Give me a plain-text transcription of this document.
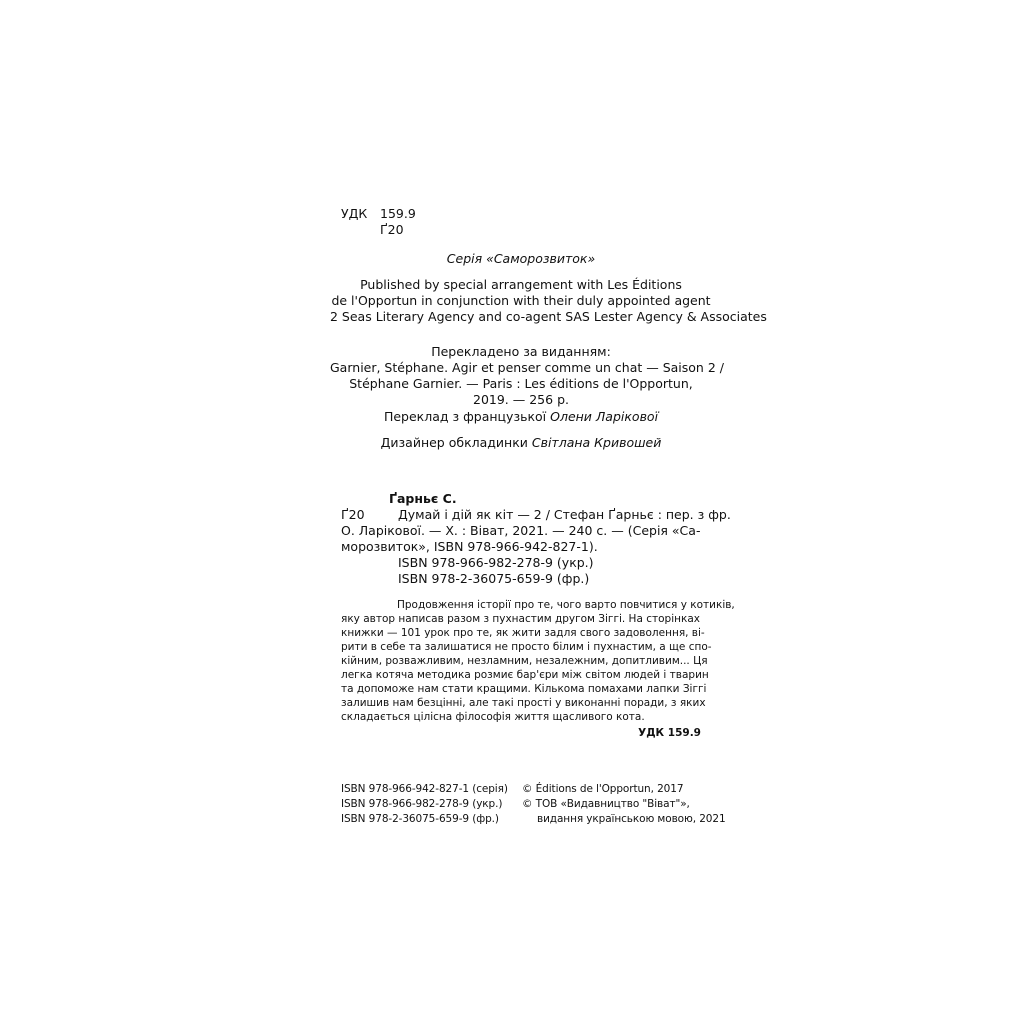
УДК 159.9
Ґ20
Серія «Саморозвиток»
Published by special arrangement with Les Éditions
de l'Opportun in conjunction with their duly appointed agent
2 Seas Literary Agency and co-agent SAS Lester Agency & Associates
Перекладено за виданням:
Garnier, Stéphane. Agir et penser comme un chat — Saison 2 /
Stéphane Garnier. — Paris : Les éditions de l'Opportun,
2019. — 256 p.
Переклад з французької Олени Ларікової
Дизайнер обкладинки Світлана Кривошей
Ґарньє С.
Ґ20	Думай і дій як кіт — 2 / Стефан Ґарньє : пер. з фр.
О. Ларікової. — Х. : Віват, 2021. — 240 с. — (Серія «Са-
морозвиток», ISBN 978-966-942-827-1).
ISBN 978-966-982-278-9 (укр.)
ISBN 978-2-36075-659-9 (фр.)
Продовження історії про те, чого варто повчитися у котиків,
яку автор написав разом з пухнастим другом Зіггі. На сторінках
книжки — 101 урок про те, як жити задля свого задоволення, ві-
рити в себе та залишатися не просто білим і пухнастим, а ще спо-
кійним, розважливим, незламним, незалежним, допитливим... Ця
легка котяча методика розмиє бар'єри між світом людей і тварин
та допоможе нам стати кращими. Кількома помахами лапки Зіггі
залишив нам безцінні, але такі прості у виконанні поради, з яких
складається цілісна філософія життя щасливого кота.
УДК 159.9
ISBN 978-966-942-827-1 (серія)
ISBN 978-966-982-278-9 (укр.)
ISBN 978-2-36075-659-9 (фр.)
© Éditions de l'Opportun, 2017
© ТОВ «Видавництво "Віват"»,
видання українською мовою, 2021
